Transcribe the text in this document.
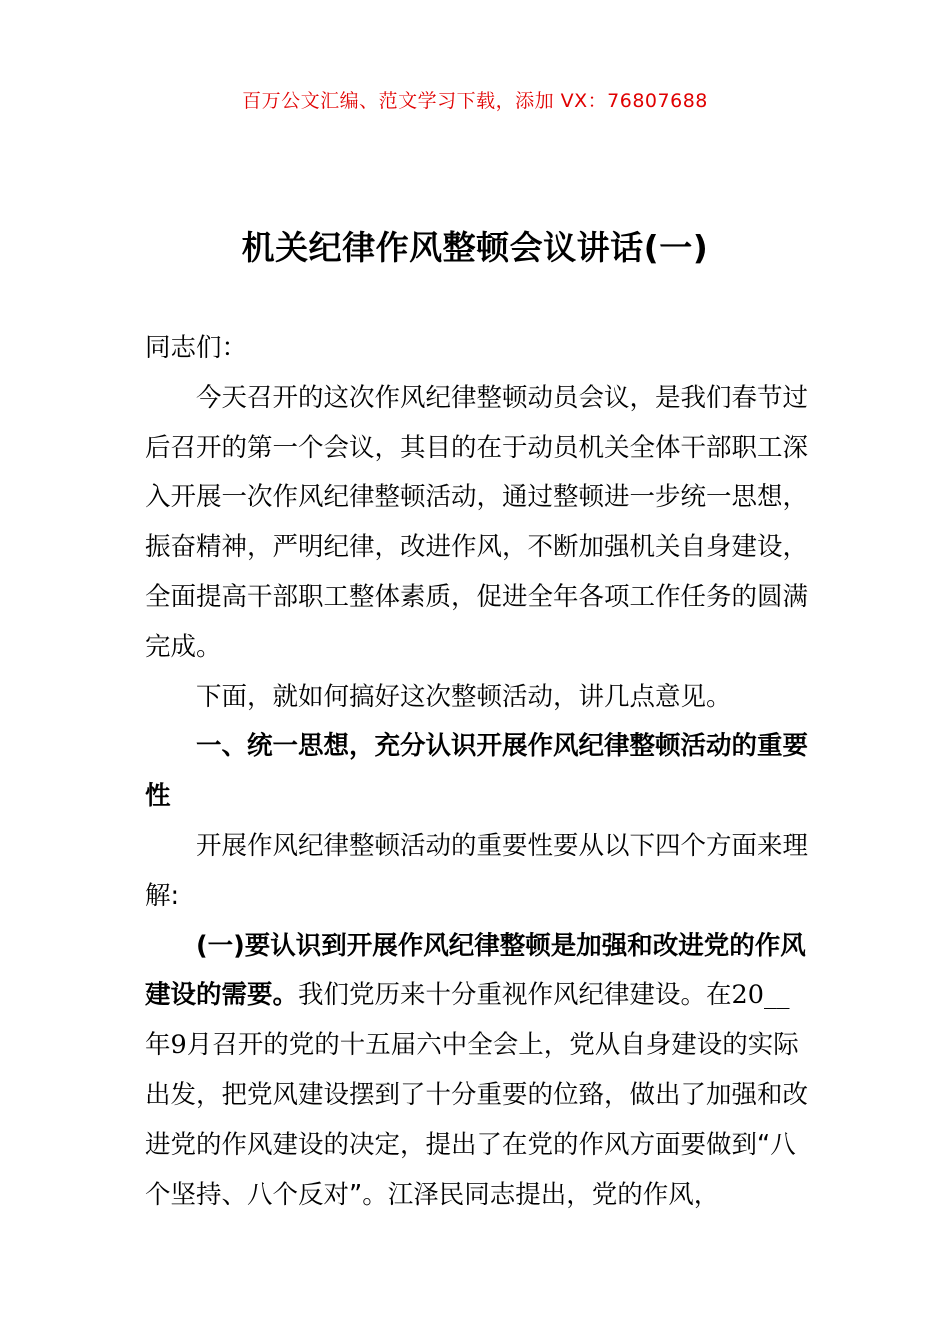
百万公文汇编、范文学习下载，添加 VX：76807688
机关纪律作风整顿会议讲话(一)

同志们：

今天召开的这次作风纪律整顿动员会议，是我们春节过后召开的第一个会议，其目的在于动员机关全体干部职工深入开展一次作风纪律整顿活动，通过整顿进一步统一思想，振奋精神，严明纪律，改进作风，不断加强机关自身建设，全面提高干部职工整体素质，促进全年各项工作任务的圆满完成。

下面，就如何搞好这次整顿活动，讲几点意见。

一、统一思想，充分认识开展作风纪律整顿活动的重要性

开展作风纪律整顿活动的重要性要从以下四个方面来理解:

(一)要认识到开展作风纪律整顿是加强和改进党的作风建设的需要。我们党历来十分重视作风纪律建设。在20__年9月召开的党的十五届六中全会上，党从自身建设的实际出发，把党风建设摆到了十分重要的位臵，做出了加强和改进党的作风建设的决定，提出了在党的作风方面要做到“八个坚持、八个反对”。江泽民同志提出，党的作风，
